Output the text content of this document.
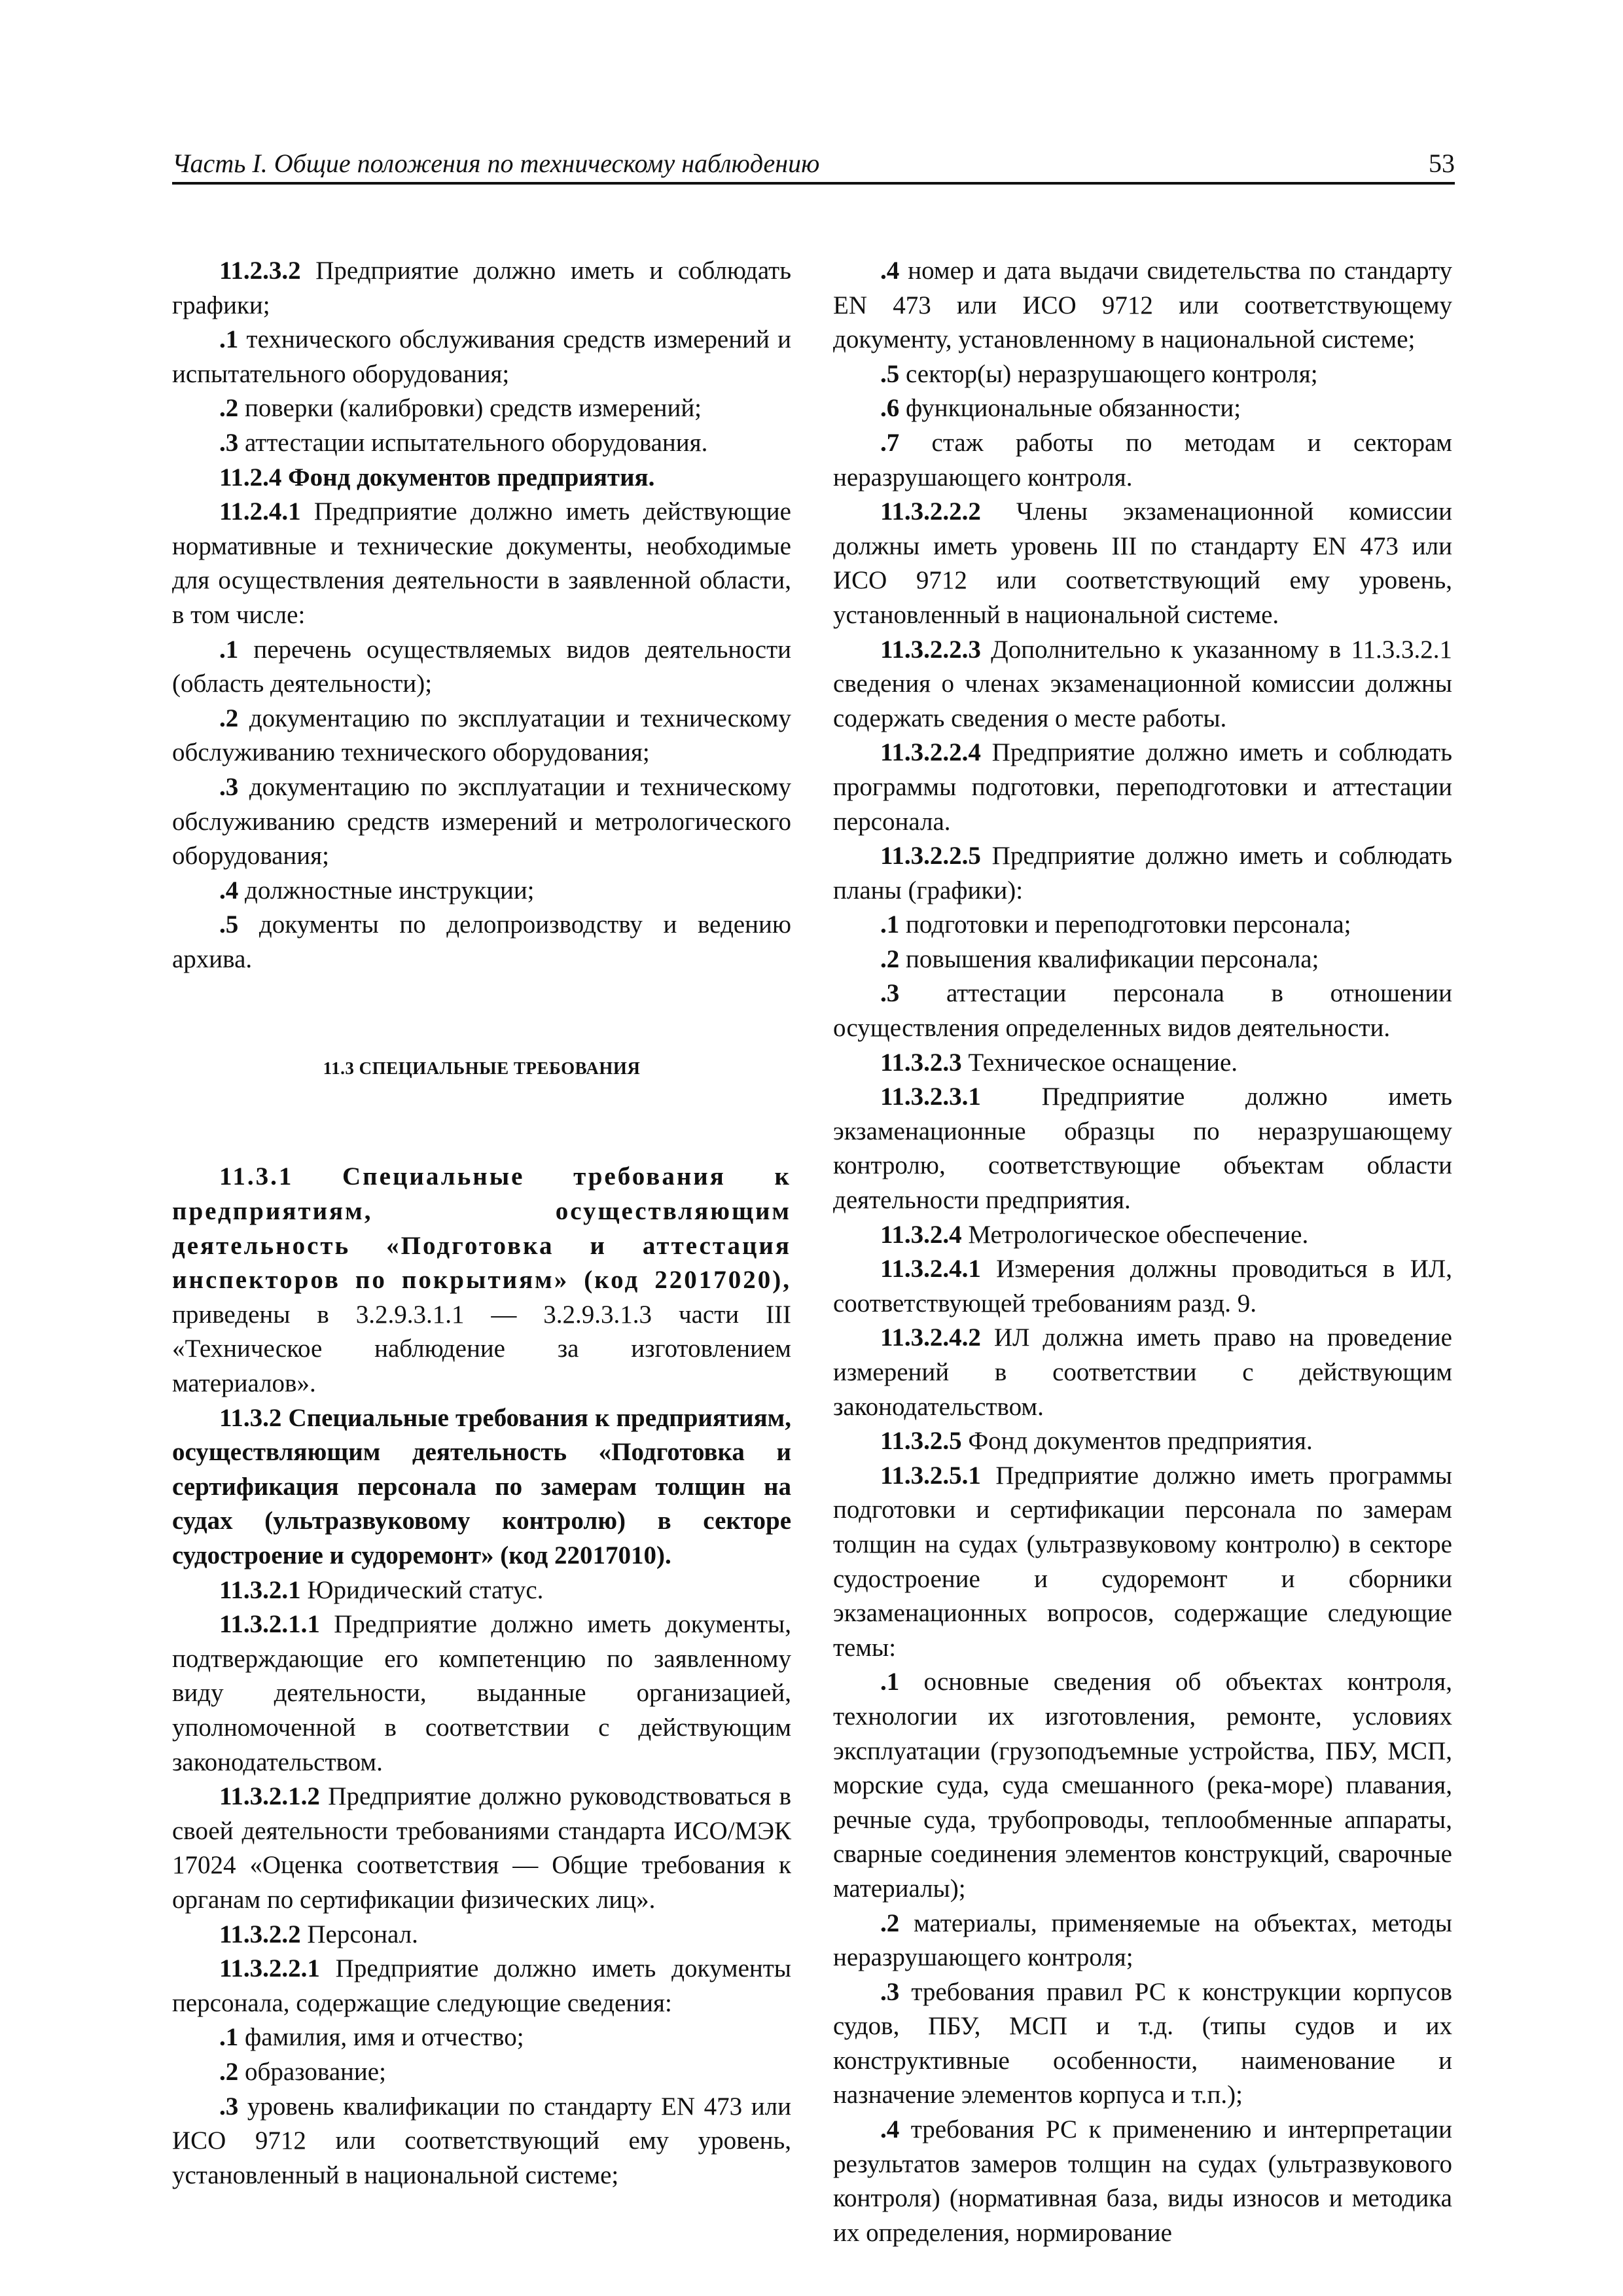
Часть I. Общие положения по техническому наблюдению	53

11.2.3.2 Предприятие должно иметь и соблюдать графики;

.1 технического обслуживания средств измерений и испытательного оборудования;

.2 поверки (калибровки) средств измерений;

.3 аттестации испытательного оборудования.

11.2.4 Фонд документов предприятия.

11.2.4.1 Предприятие должно иметь действующие нормативные и технические документы, необходимые для осуществления деятельности в заявленной области, в том числе:

.1 перечень осуществляемых видов деятельности (область деятельности);

.2 документацию по эксплуатации и техническому обслуживанию технического оборудования;

.3 документацию по эксплуатации и техническому обслуживанию средств измерений и метрологического оборудования;

.4 должностные инструкции;

.5 документы по делопроизводству и ведению архива.

11.3 СПЕЦИАЛЬНЫЕ ТРЕБОВАНИЯ

11.3.1 Специальные требования к предприятиям, осуществляющим деятельность «Подготовка и аттестация инспекторов по покрытиям» (код 22017020), приведены в 3.2.9.3.1.1 — 3.2.9.3.1.3 части III «Техническое наблюдение за изготовлением материалов».

11.3.2 Специальные требования к предприятиям, осуществляющим деятельность «Подготовка и сертификация персонала по замерам толщин на судах (ультразвуковому контролю) в секторе судостроение и судоремонт» (код 22017010).

11.3.2.1 Юридический статус.

11.3.2.1.1 Предприятие должно иметь документы, подтверждающие его компетенцию по заявленному виду деятельности, выданные организацией, уполномоченной в соответствии с действующим законодательством.

11.3.2.1.2 Предприятие должно руководствоваться в своей деятельности требованиями стандарта ИСО/МЭК 17024 «Оценка соответствия — Общие требования к органам по сертификации физических лиц».

11.3.2.2 Персонал.

11.3.2.2.1 Предприятие должно иметь документы персонала, содержащие следующие сведения:

.1 фамилия, имя и отчество;

.2 образование;

.3 уровень квалификации по стандарту EN 473 или ИСО 9712 или соответствующий ему уровень, установленный в национальной системе;

.4 номер и дата выдачи свидетельства по стандарту EN 473 или ИСО 9712 или соответствующему документу, установленному в национальной системе;

.5 сектор(ы) неразрушающего контроля;

.6 функциональные обязанности;

.7 стаж работы по методам и секторам неразрушающего контроля.

11.3.2.2.2 Члены экзаменационной комиссии должны иметь уровень III по стандарту EN 473 или ИСО 9712 или соответствующий ему уровень, установленный в национальной системе.

11.3.2.2.3 Дополнительно к указанному в 11.3.3.2.1 сведения о членах экзаменационной комиссии должны содержать сведения о месте работы.

11.3.2.2.4 Предприятие должно иметь и соблюдать программы подготовки, переподготовки и аттестации персонала.

11.3.2.2.5 Предприятие должно иметь и соблюдать планы (графики):

.1 подготовки и переподготовки персонала;

.2 повышения квалификации персонала;

.3 аттестации персонала в отношении осуществления определенных видов деятельности.

11.3.2.3 Техническое оснащение.

11.3.2.3.1 Предприятие должно иметь экзаменационные образцы по неразрушающему контролю, соответствующие объектам области деятельности предприятия.

11.3.2.4 Метрологическое обеспечение.

11.3.2.4.1 Измерения должны проводиться в ИЛ, соответствующей требованиям разд. 9.

11.3.2.4.2 ИЛ должна иметь право на проведение измерений в соответствии с действующим законодательством.

11.3.2.5 Фонд документов предприятия.

11.3.2.5.1 Предприятие должно иметь программы подготовки и сертификации персонала по замерам толщин на судах (ультразвуковому контролю) в секторе судостроение и судоремонт и сборники экзаменационных вопросов, содержащие следующие темы:

.1 основные сведения об объектах контроля, технологии их изготовления, ремонте, условиях эксплуатации (грузоподъемные устройства, ПБУ, МСП, морские суда, суда смешанного (река-море) плавания, речные суда, трубопроводы, теплообменные аппараты, сварные соединения элементов конструкций, сварочные материалы);

.2 материалы, применяемые на объектах, методы неразрушающего контроля;

.3 требования правил РС к конструкции корпусов судов, ПБУ, МСП и т.д. (типы судов и их конструктивные особенности, наименование и назначение элементов корпуса и т.п.);

.4 требования РС к применению и интерпретации результатов замеров толщин на судах (ультразвукового контроля) (нормативная база, виды износов и методика их определения, нормирование
